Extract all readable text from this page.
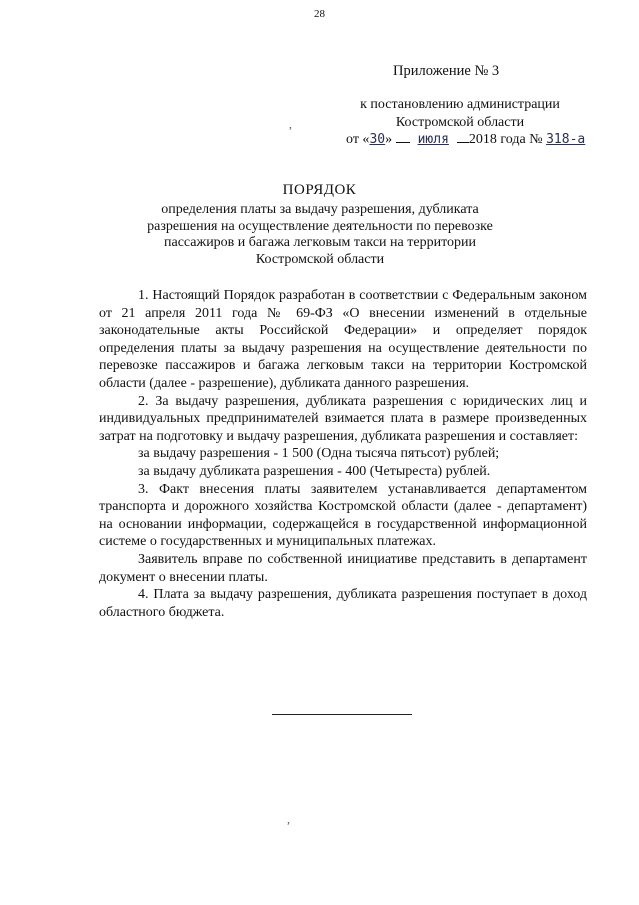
28
Приложение № 3
к постановлению администрации
Костромской области
от «30» июля 2018 года № 318-а
,
ПОРЯДОК
определения платы за выдачу разрешения, дубликата
разрешения на осуществление деятельности по перевозке
пассажиров и багажа легковым такси на территории
Костромской области

1. Настоящий Порядок разработан в соответствии с Федеральным законом от 21 апреля 2011 года № 69-ФЗ «О внесении изменений в отдельные законодательные акты Российской Федерации» и определяет порядок определения платы за выдачу разрешения на осуществление деятельности по перевозке пассажиров и багажа легковым такси на территории Костромской области (далее - разрешение), дубликата данного разрешения.

2. За выдачу разрешения, дубликата разрешения с юридических лиц и индивидуальных предпринимателей взимается плата в размере произведенных затрат на подготовку и выдачу разрешения, дубликата разрешения и составляет:

за выдачу разрешения - 1 500 (Одна тысяча пятьсот) рублей;

за выдачу дубликата разрешения - 400 (Четыреста) рублей.

3. Факт внесения платы заявителем устанавливается департаментом транспорта и дорожного хозяйства Костромской области (далее - департамент) на основании информации, содержащейся в государственной информационной системе о государственных и муниципальных платежах.

Заявитель вправе по собственной инициативе представить в департамент документ о внесении платы.

4. Плата за выдачу разрешения, дубликата разрешения поступает в доход областного бюджета.

,
